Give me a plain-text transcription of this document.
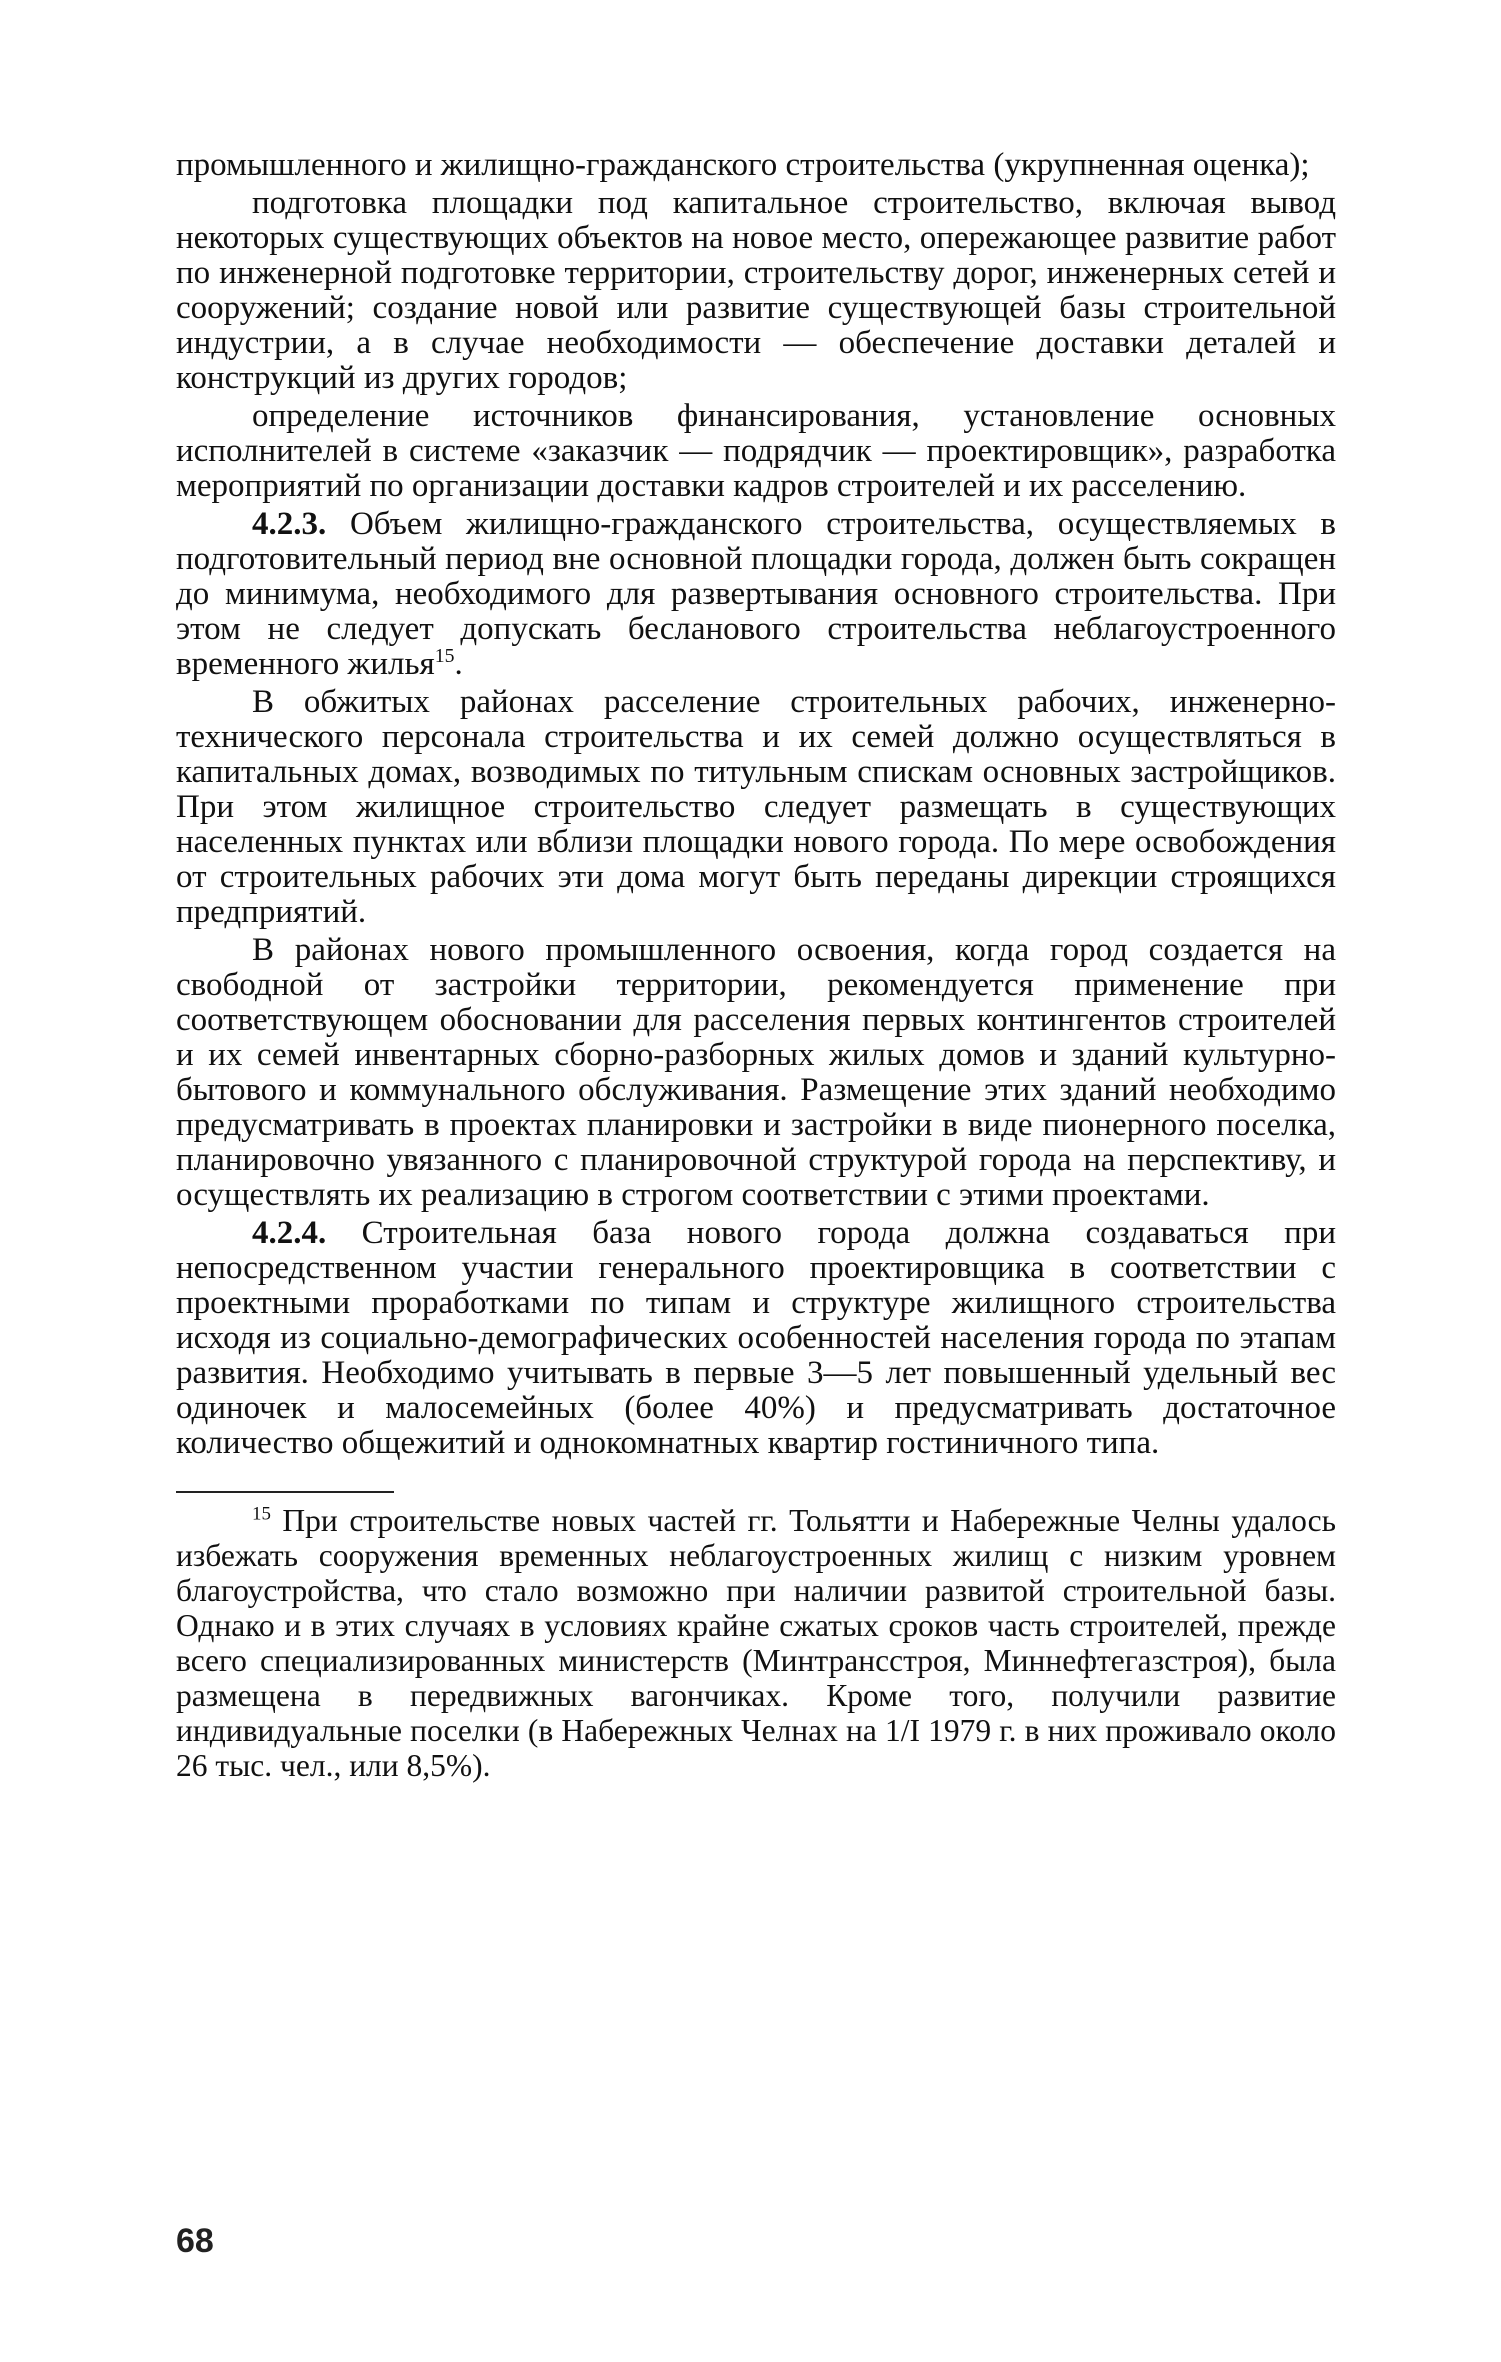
промышленного и жилищно-гражданского строительства (укрупненная оценка);

подготовка площадки под капитальное строительство, включая вывод некоторых существующих объектов на новое место, опережающее развитие работ по инженерной подготовке территории, строительству дорог, инженерных сетей и сооружений; создание новой или развитие существующей базы строительной индустрии, а в случае необходимости — обеспечение доставки деталей и конструкций из других городов;

определение источников финансирования, установление основных исполнителей в системе «заказчик — подрядчик — проектировщик», разработка мероприятий по организации доставки кадров строителей и их расселению.

4.2.3. Объем жилищно-гражданского строительства, осуществляемых в подготовительный период вне основной площадки города, должен быть сокращен до минимума, необходимого для развертывания основного строительства. При этом не следует допускать бесланового строительства неблагоустроенного временного жилья$^{15}$.

В обжитых районах расселение строительных рабочих, инженерно-технического персонала строительства и их семей должно осуществляться в капитальных домах, возводимых по титульным спискам основных застройщиков. При этом жилищное строительство следует размещать в существующих населенных пунктах или вблизи площадки нового города. По мере освобождения от строительных рабочих эти дома могут быть переданы дирекции строящихся предприятий.

В районах нового промышленного освоения, когда город создается на свободной от застройки территории, рекомендуется применение при соответствующем обосновании для расселения первых контингентов строителей и их семей инвентарных сборно-разборных жилых домов и зданий культурно-бытового и коммунального обслуживания. Размещение этих зданий необходимо предусматривать в проектах планировки и застройки в виде пионерного поселка, планировочно увязанного с планировочной структурой города на перспективу, и осуществлять их реализацию в строгом соответствии с этими проектами.

4.2.4. Строительная база нового города должна создаваться при непосредственном участии генерального проектировщика в соответствии с проектными проработками по типам и структуре жилищного строительства исходя из социально-демографических особенностей населения города по этапам развития. Необходимо учитывать в первые 3—5 лет повышенный удельный вес одиночек и малосемейных (более 40%) и предусматривать достаточное количество общежитий и однокомнатных квартир гостиничного типа.

$^{15}$ При строительстве новых частей гг. Тольятти и Набережные Челны удалось избежать сооружения временных неблагоустроенных жилищ с низким уровнем благоустройства, что стало возможно при наличии развитой строительной базы. Однако и в этих случаях в условиях крайне сжатых сроков часть строителей, прежде всего специализированных министерств (Минтрансстроя, Миннефтегазстроя), была размещена в передвижных вагончиках. Кроме того, получили развитие индивидуальные поселки (в Набережных Челнах на 1/I 1979 г. в них проживало около 26 тыс. чел., или 8,5%).

68
